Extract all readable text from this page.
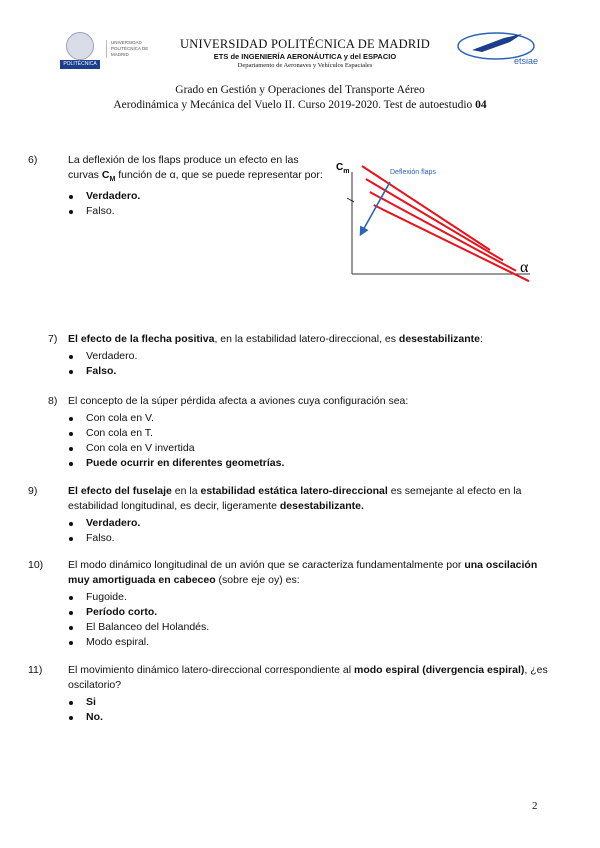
POLITÉCNICA
UNIVERSIDAD POLITÉCNICA DE MADRID
UNIVERSIDAD POLITÉCNICA DE MADRID
ETS de INGENIERÍA AERONÁUTICA y del ESPACIO
Departamento de Aeronaves y Vehículos Espaciales	etsiae
Grado en Gestión y Operaciones del Transporte Aéreo
Aerodinámica y Mecánica del Vuelo II. Curso 2019-2020. Test de autoestudio 04

6)	La deflexión de los flaps produce un efecto en las curvas $C_M$ función de α, que se puede representar por:

Verdadero.
Falso.
$C_m$
α
Deflexión flaps

7) El efecto de la flecha positiva, en la estabilidad latero-direccional, es desestabilizante:

Verdadero.
Falso.

8) El concepto de la súper pérdida afecta a aviones cuya configuración sea:

Con cola en V.
Con cola en T.
Con cola en V invertida
Puede ocurrir en diferentes geometrías.

9)	El efecto del fuselaje en la estabilidad estática latero-direccional es semejante al efecto en la estabilidad longitudinal, es decir, ligeramente desestabilizante.

Verdadero.
Falso.

10) El modo dinámico longitudinal de un avión que se caracteriza fundamentalmente por una oscilación muy amortiguada en cabeceo (sobre eje oy) es:

Fugoide.
Período corto.
El Balanceo del Holandés.
Modo espiral.

11) El movimiento dinámico latero-direccional correspondiente al modo espiral (divergencia espiral), ¿es oscilatorio?

Si
No.
2
